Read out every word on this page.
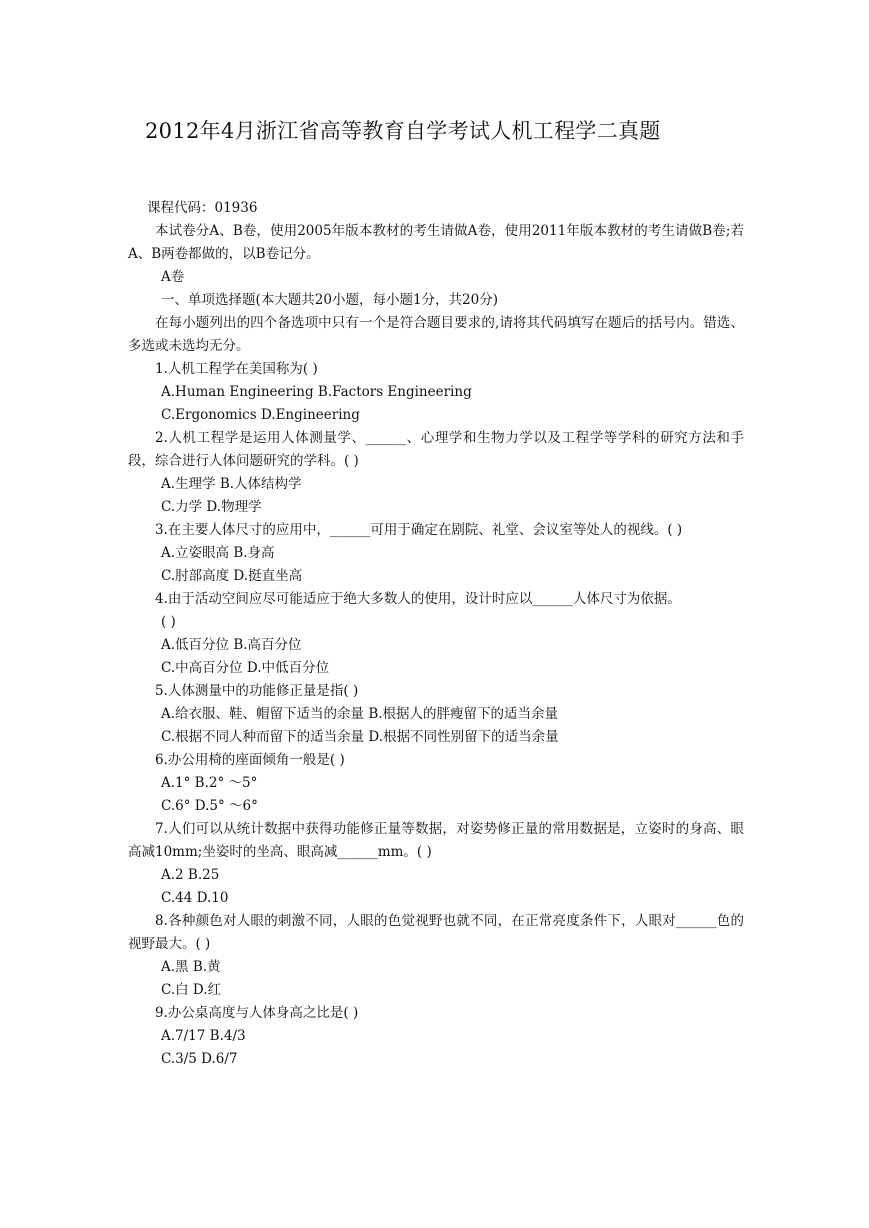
2012年4月浙江省高等教育自学考试人机工程学二真题
课程代码：01936
本试卷分A、B卷，使用2005年版本教材的考生请做A卷，使用2011年版本教材的考生请做B卷;若A、B两卷都做的，以B卷记分。
A卷
一、单项选择题(本大题共20小题，每小题1分，共20分)
在每小题列出的四个备选项中只有一个是符合题目要求的,请将其代码填写在题后的括号内。错选、多选或未选均无分。
1.人机工程学在美国称为( )
A.Human Engineering B.Factors Engineering
C.Ergonomics D.Engineering
2.人机工程学是运用人体测量学、______、心理学和生物力学以及工程学等学科的研究方法和手段，综合进行人体问题研究的学科。( )
A.生理学 B.人体结构学
C.力学 D.物理学
3.在主要人体尺寸的应用中，______可用于确定在剧院、礼堂、会议室等处人的视线。( )
A.立姿眼高 B.身高
C.肘部高度 D.挺直坐高
4.由于活动空间应尽可能适应于绝大多数人的使用，设计时应以______人体尺寸为依据。
( )
A.低百分位 B.高百分位
C.中高百分位 D.中低百分位
5.人体测量中的功能修正量是指( )
A.给衣服、鞋、帽留下适当的余量 B.根据人的胖瘦留下的适当余量
C.根据不同人种而留下的适当余量 D.根据不同性别留下的适当余量
6.办公用椅的座面倾角一般是( )
A.1° B.2° ～5°
C.6° D.5° ～6°
7.人们可以从统计数据中获得功能修正量等数据，对姿势修正量的常用数据是，立姿时的身高、眼高减10mm;坐姿时的坐高、眼高减______mm。( )
A.2 B.25
C.44 D.10
8.各种颜色对人眼的刺激不同，人眼的色觉视野也就不同，在正常亮度条件下，人眼对______色的视野最大。( )
A.黑 B.黄
C.白 D.红
9.办公桌高度与人体身高之比是( )
A.7/17 B.4/3
C.3/5 D.6/7
